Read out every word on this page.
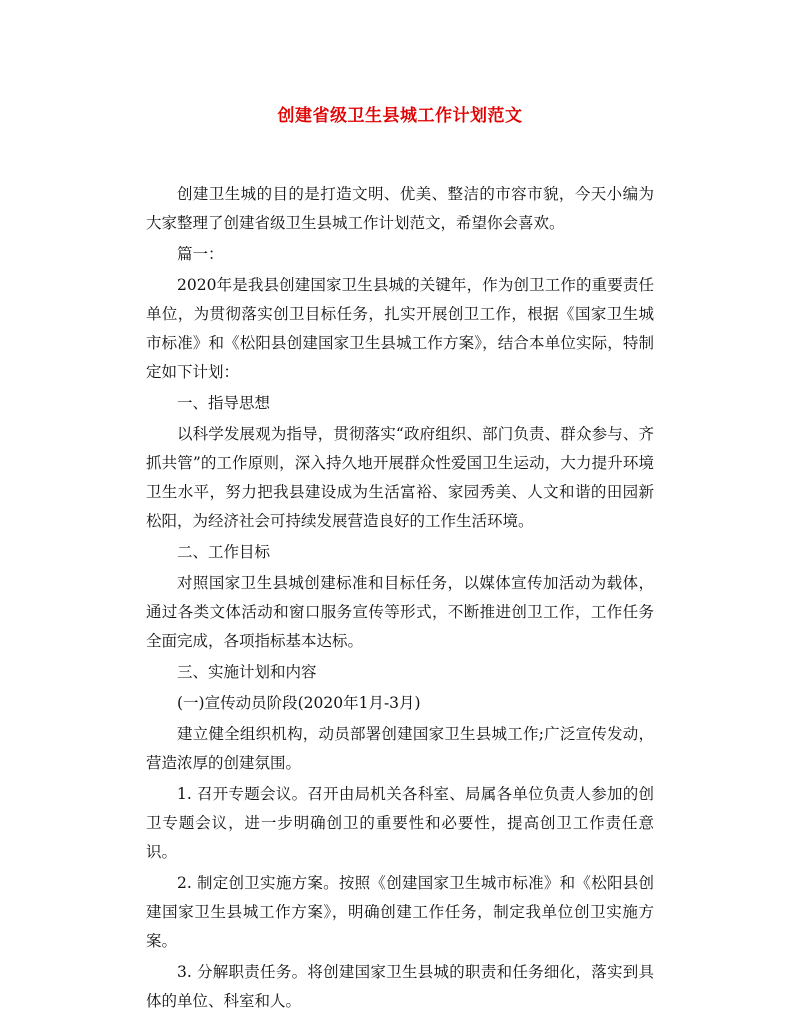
创建省级卫生县城工作计划范文

创建卫生城的目的是打造文明、优美、整洁的市容市貌，今天小编为大家整理了创建省级卫生县城工作计划范文，希望你会喜欢。

篇一：

2020年是我县创建国家卫生县城的关键年，作为创卫工作的重要责任单位，为贯彻落实创卫目标任务，扎实开展创卫工作，根据《国家卫生城市标准》和《松阳县创建国家卫生县城工作方案》，结合本单位实际，特制定如下计划：

一、指导思想

以科学发展观为指导，贯彻落实“政府组织、部门负责、群众参与、齐抓共管”的工作原则，深入持久地开展群众性爱国卫生运动，大力提升环境卫生水平，努力把我县建设成为生活富裕、家园秀美、人文和谐的田园新松阳，为经济社会可持续发展营造良好的工作生活环境。

二、工作目标

对照国家卫生县城创建标准和目标任务，以媒体宣传加活动为载体，通过各类文体活动和窗口服务宣传等形式，不断推进创卫工作，工作任务全面完成，各项指标基本达标。

三、实施计划和内容

(一)宣传动员阶段(2020年1月-3月)

建立健全组织机构，动员部署创建国家卫生县城工作;广泛宣传发动，营造浓厚的创建氛围。

1. 召开专题会议。召开由局机关各科室、局属各单位负责人参加的创卫专题会议，进一步明确创卫的重要性和必要性，提高创卫工作责任意识。

2. 制定创卫实施方案。按照《创建国家卫生城市标准》和《松阳县创建国家卫生县城工作方案》，明确创建工作任务，制定我单位创卫实施方案。

3. 分解职责任务。将创建国家卫生县城的职责和任务细化，落实到具体的单位、科室和人。
